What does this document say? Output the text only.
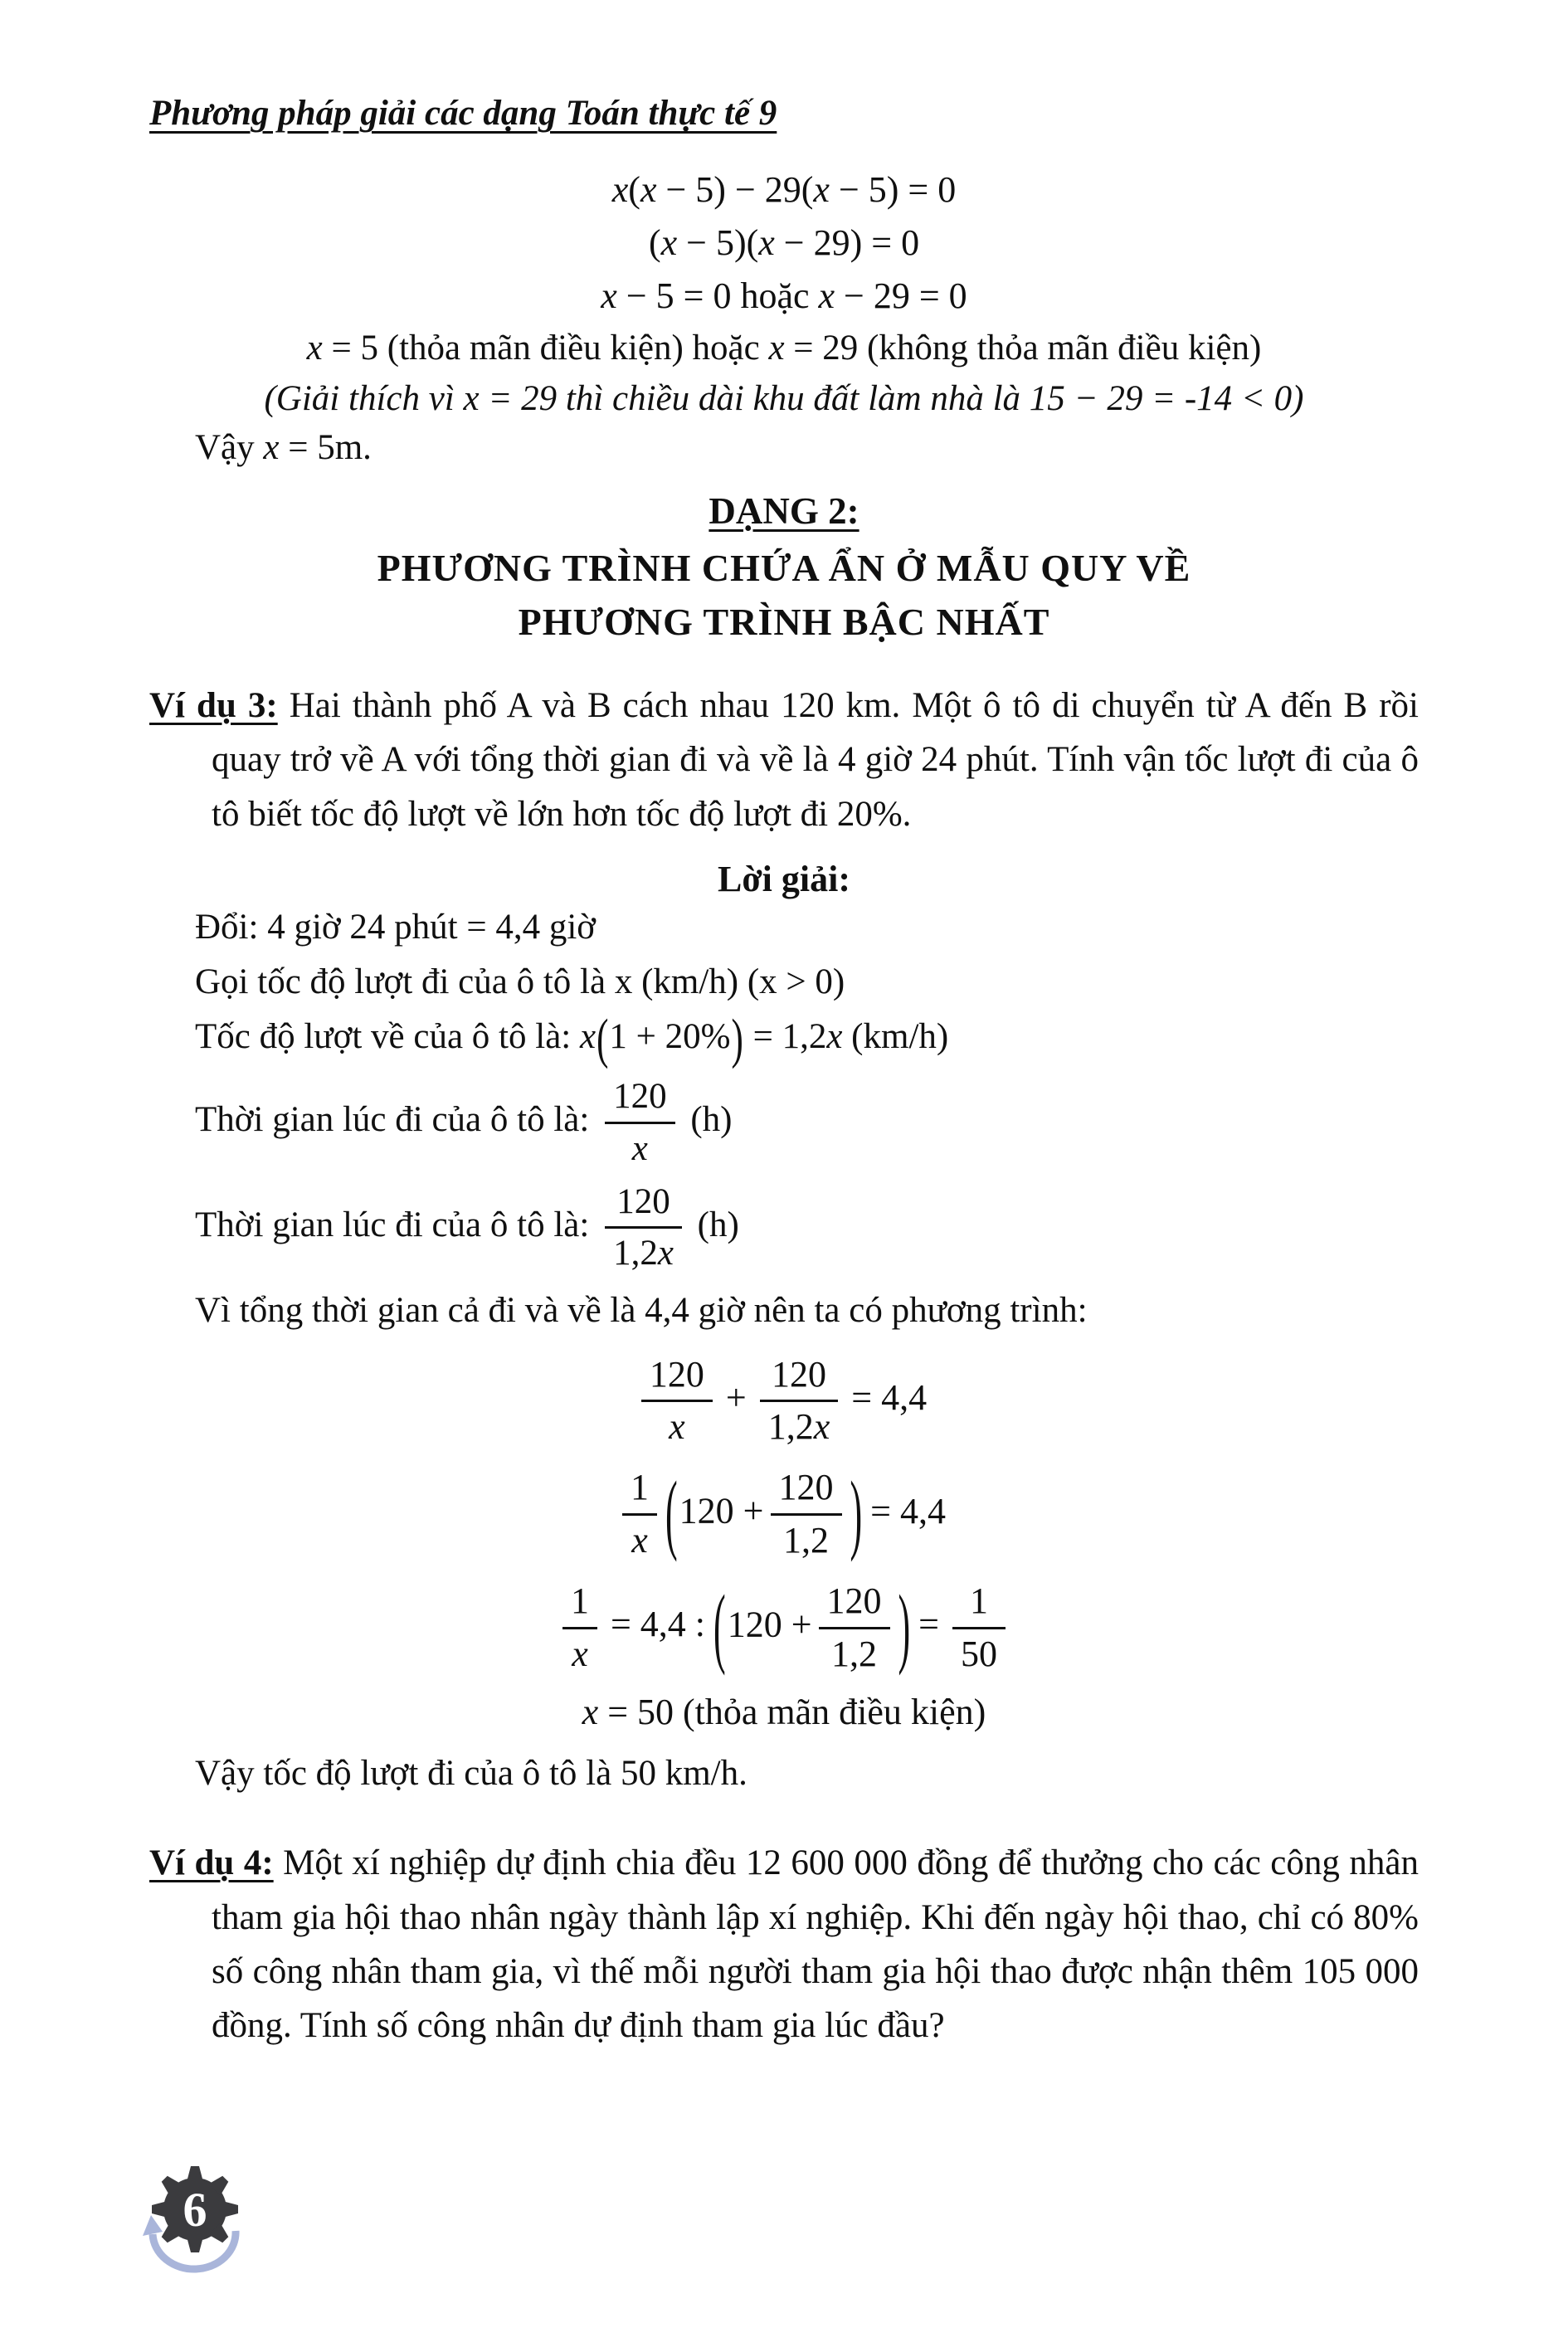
Phương pháp giải các dạng Toán thực tế 9
x(x − 5) − 29(x − 5) = 0
(x − 5)(x − 29) = 0
x − 5 = 0 hoặc x − 29 = 0
x = 5 (thỏa mãn điều kiện) hoặc x = 29 (không thỏa mãn điều kiện)
(Giải thích vì x = 29 thì chiều dài khu đất làm nhà là 15 − 29 = -14 < 0)
Vậy x = 5m.
DẠNG 2:
PHƯƠNG TRÌNH CHỨA ẨN Ở MẪU QUY VỀ
PHƯƠNG TRÌNH BẬC NHẤT
Ví dụ 3: Hai thành phố A và B cách nhau 120 km. Một ô tô di chuyển từ A đến B rồi quay trở về A với tổng thời gian đi và về là 4 giờ 24 phút. Tính vận tốc lượt đi của ô tô biết tốc độ lượt về lớn hơn tốc độ lượt đi 20%.
Lời giải:
Đổi: 4 giờ 24 phút = 4,4 giờ
Gọi tốc độ lượt đi của ô tô là x (km/h) (x > 0)
Tốc độ lượt về của ô tô là: x(1 + 20%) = 1,2x (km/h)
Thời gian lúc đi của ô tô là: $\frac{120}{x} (h)$
Thời gian lúc đi của ô tô là: $\frac{120}{1,2x} (h)$
Vì tổng thời gian cả đi và về là 4,4 giờ nên ta có phương trình:
$\frac{120}{x} + \frac{120}{1,2x} = 4,4$
$\frac{1}{x} (120 + \frac{120}{1,2}$ ) = 4,4
$\frac{1}{x} = 4,4$ : ($120 + \frac{120}{1,2}$ ) = $\frac{1}{50}$
x = 50 (thỏa mãn điều kiện)
Vậy tốc độ lượt đi của ô tô là 50 km/h.
Ví dụ 4: Một xí nghiệp dự định chia đều 12 600 000 đồng để thưởng cho các công nhân tham gia hội thao nhân ngày thành lập xí nghiệp. Khi đến ngày hội thao, chỉ có 80% số công nhân tham gia, vì thế mỗi người tham gia hội thao được nhận thêm 105 000 đồng. Tính số công nhân dự định tham gia lúc đầu?
6
